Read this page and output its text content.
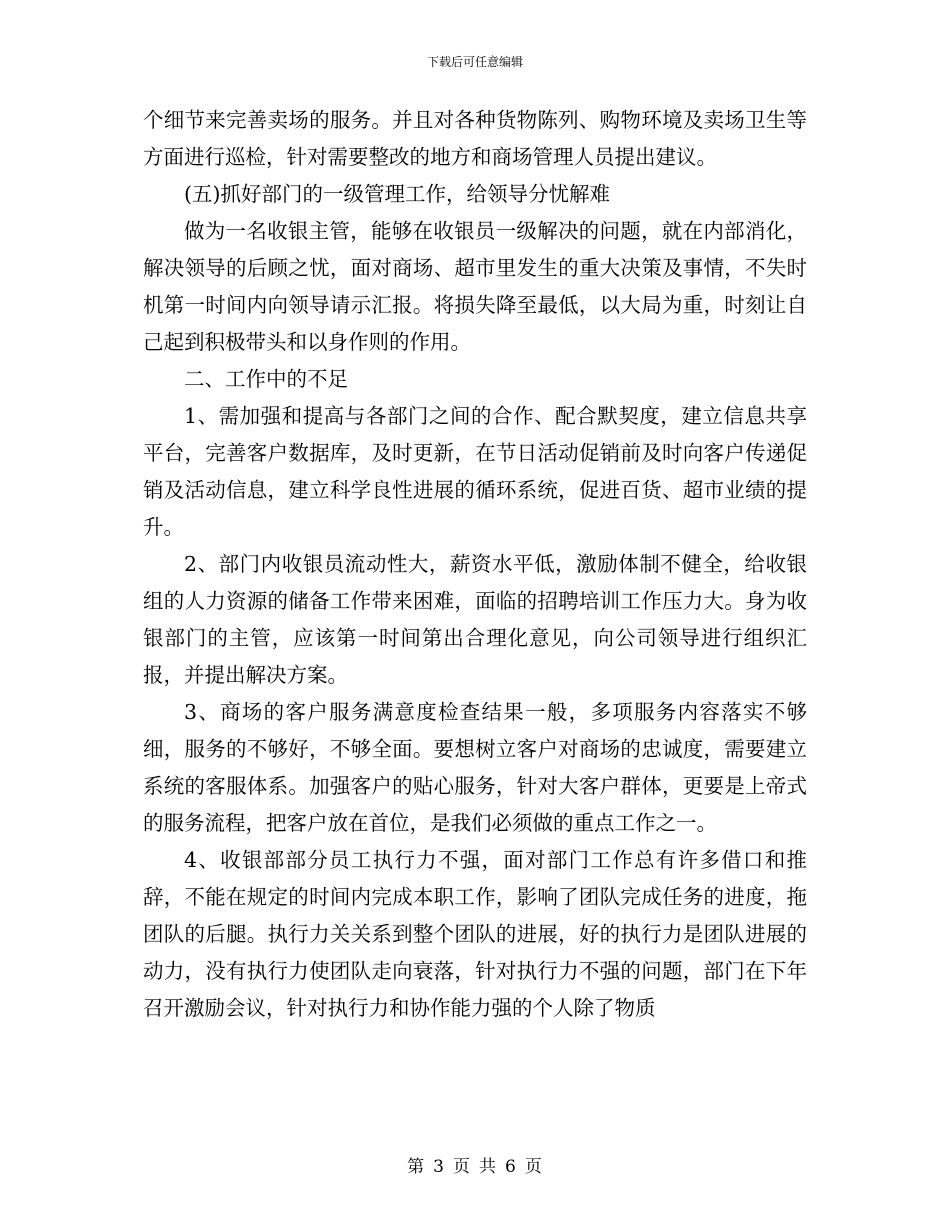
下载后可任意编辑

个细节来完善卖场的服务。并且对各种货物陈列、购物环境及卖场卫生等方面进行巡检，针对需要整改的地方和商场管理人员提出建议。

(五)抓好部门的一级管理工作，给领导分忧解难

做为一名收银主管，能够在收银员一级解决的问题，就在内部消化，解决领导的后顾之忧，面对商场、超市里发生的重大决策及事情，不失时机第一时间内向领导请示汇报。将损失降至最低，以大局为重，时刻让自己起到积极带头和以身作则的作用。

二、工作中的不足

1、需加强和提高与各部门之间的合作、配合默契度，建立信息共享平台，完善客户数据库，及时更新，在节日活动促销前及时向客户传递促销及活动信息，建立科学良性进展的循环系统，促进百货、超市业绩的提升。

2、部门内收银员流动性大，薪资水平低，激励体制不健全，给收银组的人力资源的储备工作带来困难，面临的招聘培训工作压力大。身为收银部门的主管，应该第一时间第出合理化意见，向公司领导进行组织汇报，并提出解决方案。

3、商场的客户服务满意度检查结果一般，多项服务内容落实不够细，服务的不够好，不够全面。要想树立客户对商场的忠诚度，需要建立系统的客服体系。加强客户的贴心服务，针对大客户群体，更要是上帝式的服务流程，把客户放在首位，是我们必须做的重点工作之一。

4、收银部部分员工执行力不强，面对部门工作总有许多借口和推辞，不能在规定的时间内完成本职工作，影响了团队完成任务的进度，拖团队的后腿。执行力关关系到整个团队的进展，好的执行力是团队进展的动力，没有执行力使团队走向衰落，针对执行力不强的问题，部门在下年召开激励会议，针对执行力和协作能力强的个人除了物质

第 3 页 共 6 页
